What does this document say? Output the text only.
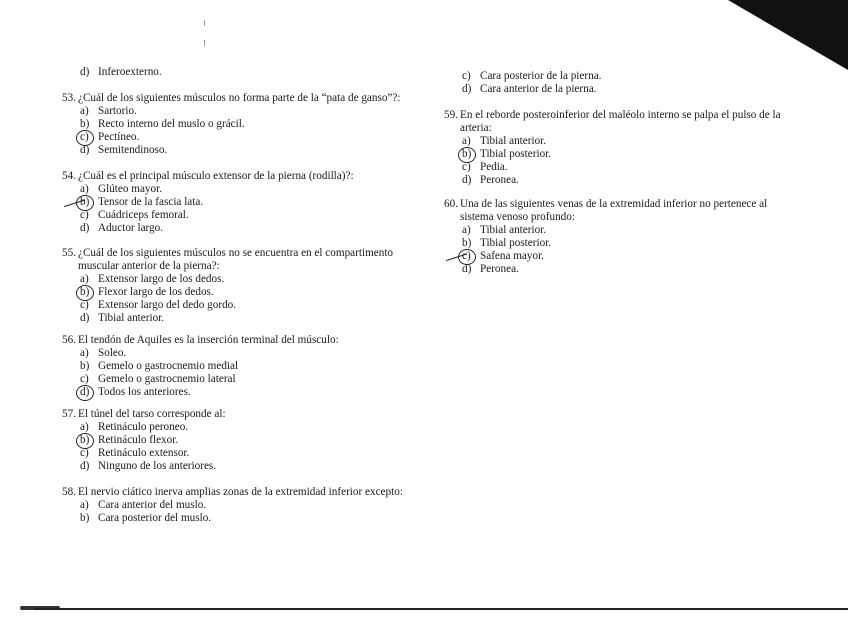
d) Inferoexterno.
53. ¿Cuál de los siguientes músculos no forma parte de la “pata de ganso”?:
a) Sartorio.
b) Recto interno del muslo o grácil.
c) Pectíneo.
d) Semitendinoso.
54. ¿Cuál es el principal músculo extensor de la pierna (rodilla)?:
a) Glúteo mayor.
b) Tensor de la fascia lata.
c) Cuádriceps femoral.
d) Aductor largo.
55. ¿Cuál de los siguientes músculos no se encuentra en el compartimento muscular anterior de la pierna?:
a) Extensor largo de los dedos.
b) Flexor largo de los dedos.
c) Extensor largo del dedo gordo.
d) Tibial anterior.
56. El tendón de Aquiles es la inserción terminal del músculo:
a) Soleo.
b) Gemelo o gastrocnemio medial
c) Gemelo o gastrocnemio lateral
d) Todos los anteriores.
57. El túnel del tarso corresponde al:
a) Retináculo peroneo.
b) Retináculo flexor.
c) Retináculo extensor.
d) Ninguno de los anteriores.
58. El nervio ciático inerva amplias zonas de la extremidad inferior excepto:
a) Cara anterior del muslo.
b) Cara posterior del muslo.
c) Cara posterior de la pierna.
d) Cara anterior de la pierna.
59. En el reborde posteroinferior del maléolo interno se palpa el pulso de la arteria:
a) Tibial anterior.
b) Tibial posterior.
c) Pedia.
d) Peronea.
60. Una de las siguientes venas de la extremidad inferior no pertenece al sistema venoso profundo:
a) Tibial anterior.
b) Tibial posterior.
c) Safena mayor.
d) Peronea.
